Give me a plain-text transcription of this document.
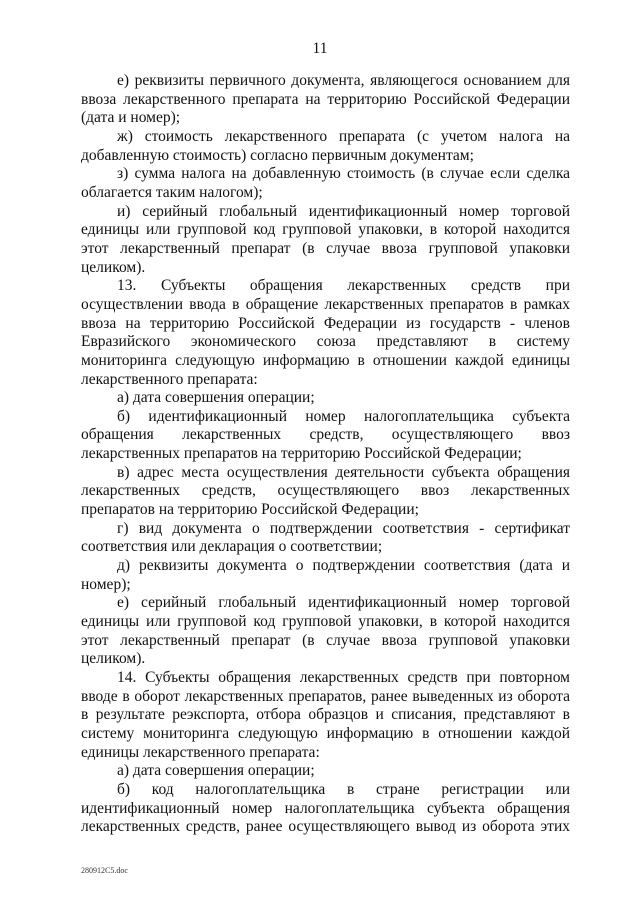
11

е) реквизиты первичного документа, являющегося основанием для ввоза лекарственного препарата на территорию Российской Федерации (дата и номер);

ж) стоимость лекарственного препарата (с учетом налога на добавленную стоимость) согласно первичным документам;

з) сумма налога на добавленную стоимость (в случае если сделка облагается таким налогом);

и) серийный глобальный идентификационный номер торговой единицы или групповой код групповой упаковки, в которой находится этот лекарственный препарат (в случае ввоза групповой упаковки целиком).

13. Субъекты обращения лекарственных средств при осуществлении ввода в обращение лекарственных препаратов в рамках ввоза на территорию Российской Федерации из государств - членов Евразийского экономического союза представляют в систему мониторинга следующую информацию в отношении каждой единицы лекарственного препарата:

а) дата совершения операции;

б) идентификационный номер налогоплательщика субъекта обращения лекарственных средств, осуществляющего ввоз лекарственных препаратов на территорию Российской Федерации;

в) адрес места осуществления деятельности субъекта обращения лекарственных средств, осуществляющего ввоз лекарственных препаратов на территорию Российской Федерации;

г) вид документа о подтверждении соответствия - сертификат соответствия или декларация о соответствии;

д) реквизиты документа о подтверждении соответствия (дата и номер);

е) серийный глобальный идентификационный номер торговой единицы или групповой код групповой упаковки, в которой находится этот лекарственный препарат (в случае ввоза групповой упаковки целиком).

14. Субъекты обращения лекарственных средств при повторном вводе в оборот лекарственных препаратов, ранее выведенных из оборота в результате реэкспорта, отбора образцов и списания, представляют в систему мониторинга следующую информацию в отношении каждой единицы лекарственного препарата:

а) дата совершения операции;

б) код налогоплательщика в стране регистрации или идентификационный номер налогоплательщика субъекта обращения лекарственных средств, ранее осуществляющего вывод из оборота этих

280912C5.doc
